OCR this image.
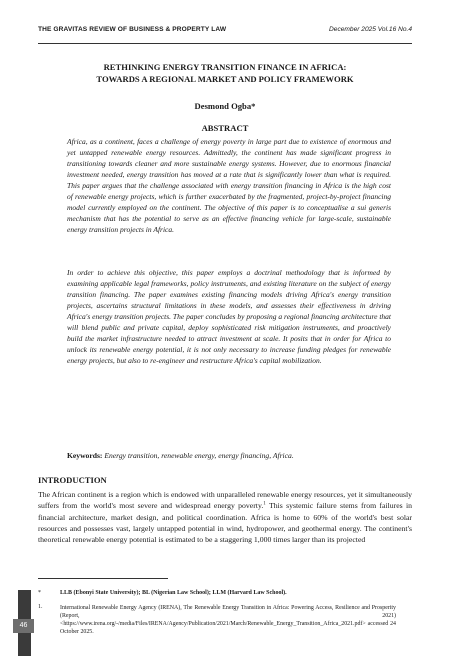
THE GRAVITAS REVIEW OF BUSINESS & PROPERTY LAW	December 2025 Vol.16 No.4
RETHINKING ENERGY TRANSITION FINANCE IN AFRICA:
TOWARDS A REGIONAL MARKET AND POLICY FRAMEWORK
Desmond Ogba*
ABSTRACT

Africa, as a continent, faces a challenge of energy poverty in large part due to existence of enormous and yet untapped renewable energy resources. Admittedly, the continent has made significant progress in transitioning towards cleaner and more sustainable energy systems. However, due to enormous financial investment needed, energy transition has moved at a rate that is significantly lower than what is required. This paper argues that the challenge associated with energy transition financing in Africa is the high cost of renewable energy projects, which is further exacerbated by the fragmented, project-by-project financing model currently employed on the continent. The objective of this paper is to conceptualise a sui generis mechanism that has the potential to serve as an effective financing vehicle for large-scale, sustainable energy transition projects in Africa.

In order to achieve this objective, this paper employs a doctrinal methodology that is informed by examining applicable legal frameworks, policy instruments, and existing literature on the subject of energy transition financing. The paper examines existing financing models driving Africa's energy transition projects, ascertains structural limitations in these models, and assesses their effectiveness in driving Africa's energy transition projects. The paper concludes by proposing a regional financing architecture that will blend public and private capital, deploy sophisticated risk mitigation instruments, and proactively build the market infrastructure needed to attract investment at scale. It posits that in order for Africa to unlock its renewable energy potential, it is not only necessary to increase funding pledges for renewable energy projects, but also to re-engineer and restructure Africa's capital mobilization.

Keywords: Energy transition, renewable energy, energy financing, Africa.
INTRODUCTION

The African continent is a region which is endowed with unparalleled renewable energy resources, yet it simultaneously suffers from the world's most severe and widespread energy poverty.$^1$ This systemic failure stems from failures in financial architecture, market design, and political coordination. Africa is home to 60% of the world's best solar resources and possesses vast, largely untapped potential in wind, hydropower, and geothermal energy. The continent's theoretical renewable energy potential is estimated to be a staggering 1,000 times larger than its projected

*	LLB (Ebonyi State University); BL (Nigerian Law School); LLM (Harvard Law School).
1.	International Renewable Energy Agency (IRENA), The Renewable Energy Transition in Africa: Powering Access, Resilience and Prosperity (Report, 2021) <https://www.irena.org/-/media/Files/IRENA/Agency/Publication/2021/March/Renewable_Energy_Transition_Africa_2021.pdf> accessed 24 October 2025.
46
